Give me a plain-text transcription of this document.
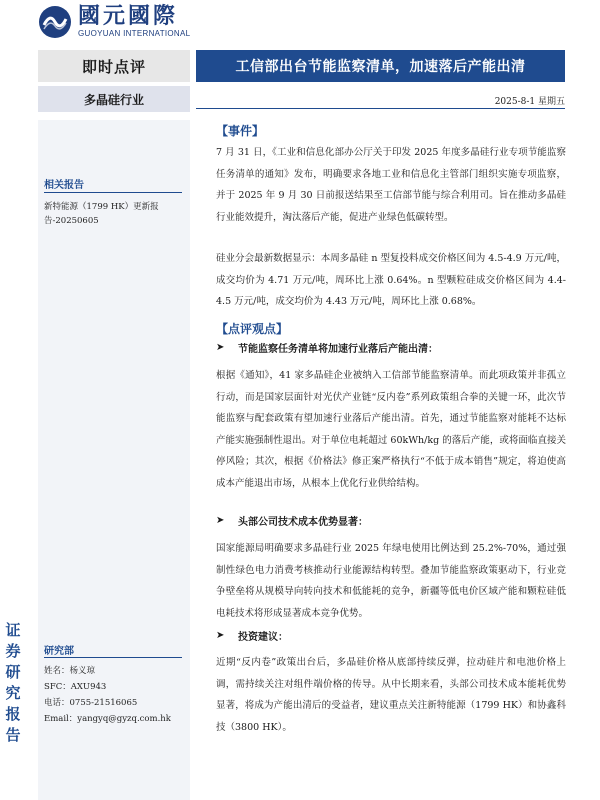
國元國際
GUOYUAN INTERNATIONAL
即时点评	工信部出台节能监察清单，加速落后产能出清
多晶硅行业	2025-8-1 星期五
相关报告
新特能源（1799 HK）更新报告-20250605
研究部
姓名：杨义琼
SFC：AXU943
电话：0755-21516065
Email：yangyq@gyzq.com.hk
证
券
研
究
报
告
【事件】
7 月 31 日，《工业和信息化部办公厅关于印发 2025 年度多晶硅行业专项节能监察任务清单的通知》发布，明确要求各地工业和信息化主管部门组织实施专项监察，并于 2025 年 9 月 30 日前报送结果至工信部节能与综合利用司。旨在推动多晶硅行业能效提升，淘汰落后产能，促进产业绿色低碳转型。
硅业分会最新数据显示：本周多晶硅 n 型复投料成交价格区间为 4.5-4.9 万元/吨，成交均价为 4.71 万元/吨，周环比上涨 0.64%。n 型颗粒硅成交价格区间为 4.4-4.5 万元/吨，成交均价为 4.43 万元/吨，周环比上涨 0.68%。
【点评观点】
➤	节能监察任务清单将加速行业落后产能出清：
根据《通知》，41 家多晶硅企业被纳入工信部节能监察清单。而此项政策并非孤立行动，而是国家层面针对光伏产业链“反内卷”系列政策组合拳的关键一环，此次节能监察与配套政策有望加速行业落后产能出清。首先，通过节能监察对能耗不达标产能实施强制性退出。对于单位电耗超过 60kWh/kg 的落后产能，或将面临直接关停风险；其次，根据《价格法》修正案严格执行“不低于成本销售”规定，将迫使高成本产能退出市场，从根本上优化行业供给结构。
➤	头部公司技术成本优势显著：
国家能源局明确要求多晶硅行业 2025 年绿电使用比例达到 25.2%-70%，通过强制性绿色电力消费考核推动行业能源结构转型。叠加节能监察政策驱动下，行业竞争壁垒将从规模导向转向技术和低能耗的竞争，新疆等低电价区域产能和颗粒硅低电耗技术将形成显著成本竞争优势。
➤	投资建议：
近期“反内卷”政策出台后，多晶硅价格从底部持续反弹，拉动硅片和电池价格上调，需持续关注对组件端价格的传导。从中长期来看，头部公司技术成本能耗优势显著，将成为产能出清后的受益者，建议重点关注新特能源（1799 HK）和协鑫科技（3800 HK）。
